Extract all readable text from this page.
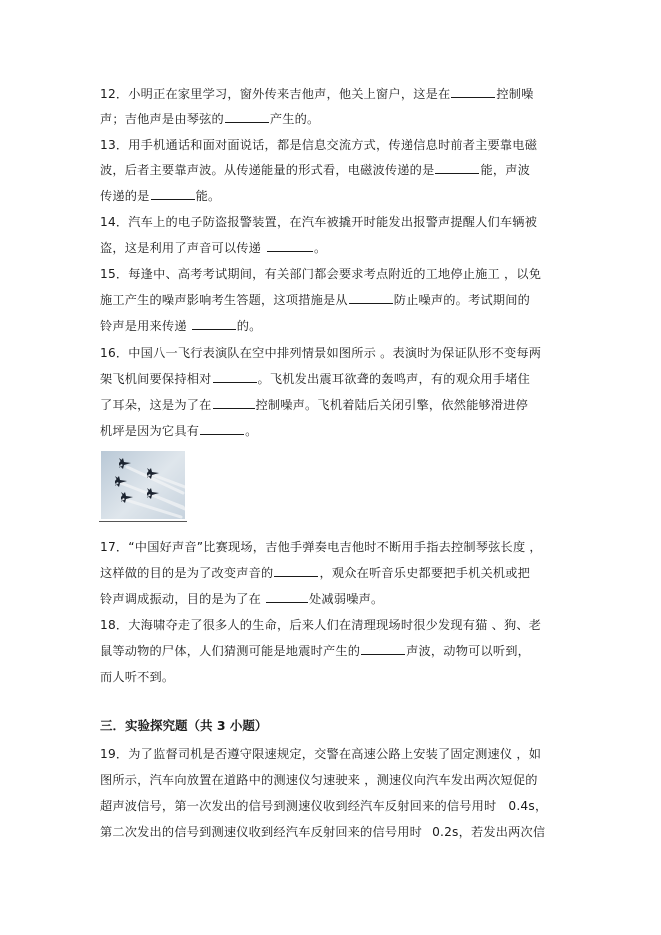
12．小明正在家里学习，窗外传来吉他声，他关上窗户，这是在	控制噪
声；吉他声是由琴弦的	产生的。
13．用手机通话和面对面说话，都是信息交流方式，传递信息时前者主要靠电磁
波，后者主要靠声波。从传递能量的形式看，电磁波传递的是	能，声波
传递的是	能。
14．汽车上的电子防盗报警装置，在汽车被撬开时能发出报警声提醒人们车辆被
盗，这是利用了声音可以传递	。
15．每逢中、高考考试期间，有关部门都会要求考点附近的工地停止施工 ，以免
施工产生的噪声影响考生答题，这项措施是从	防止噪声的。考试期间的
铃声是用来传递	的。
16．中国八一飞行表演队在空中排列情景如图所示 。表演时为保证队形不变每两
架飞机间要保持相对	。飞机发出震耳欲聋的轰鸣声，有的观众用手堵住
了耳朵，这是为了在	控制噪声。飞机着陆后关闭引擎，依然能够滑进停
机坪是因为它具有	。
17．“中国好声音”比赛现场，吉他手弹奏电吉他时不断用手指去控制琴弦长度 ，
这样做的目的是为了改变声音的	，观众在听音乐史都要把手机关机或把
铃声调成振动，目的是为了在	处减弱噪声。
18．大海啸夺走了很多人的生命，后来人们在清理现场时很少发现有猫 、狗、老
鼠等动物的尸体，人们猜测可能是地震时产生的	声波，动物可以听到，
而人听不到。
三．实验探究题（共 3 小题）
19．为了监督司机是否遵守限速规定，交警在高速公路上安装了固定测速仪 ，如
图所示，汽车向放置在道路中的测速仪匀速驶来 ，测速仪向汽车发出两次短促的
超声波信号，第一次发出的信号到测速仪收到经汽车反射回来的信号用时 0.4s，
第二次发出的信号到测速仪收到经汽车反射回来的信号用时 0.2s，若发出两次信
